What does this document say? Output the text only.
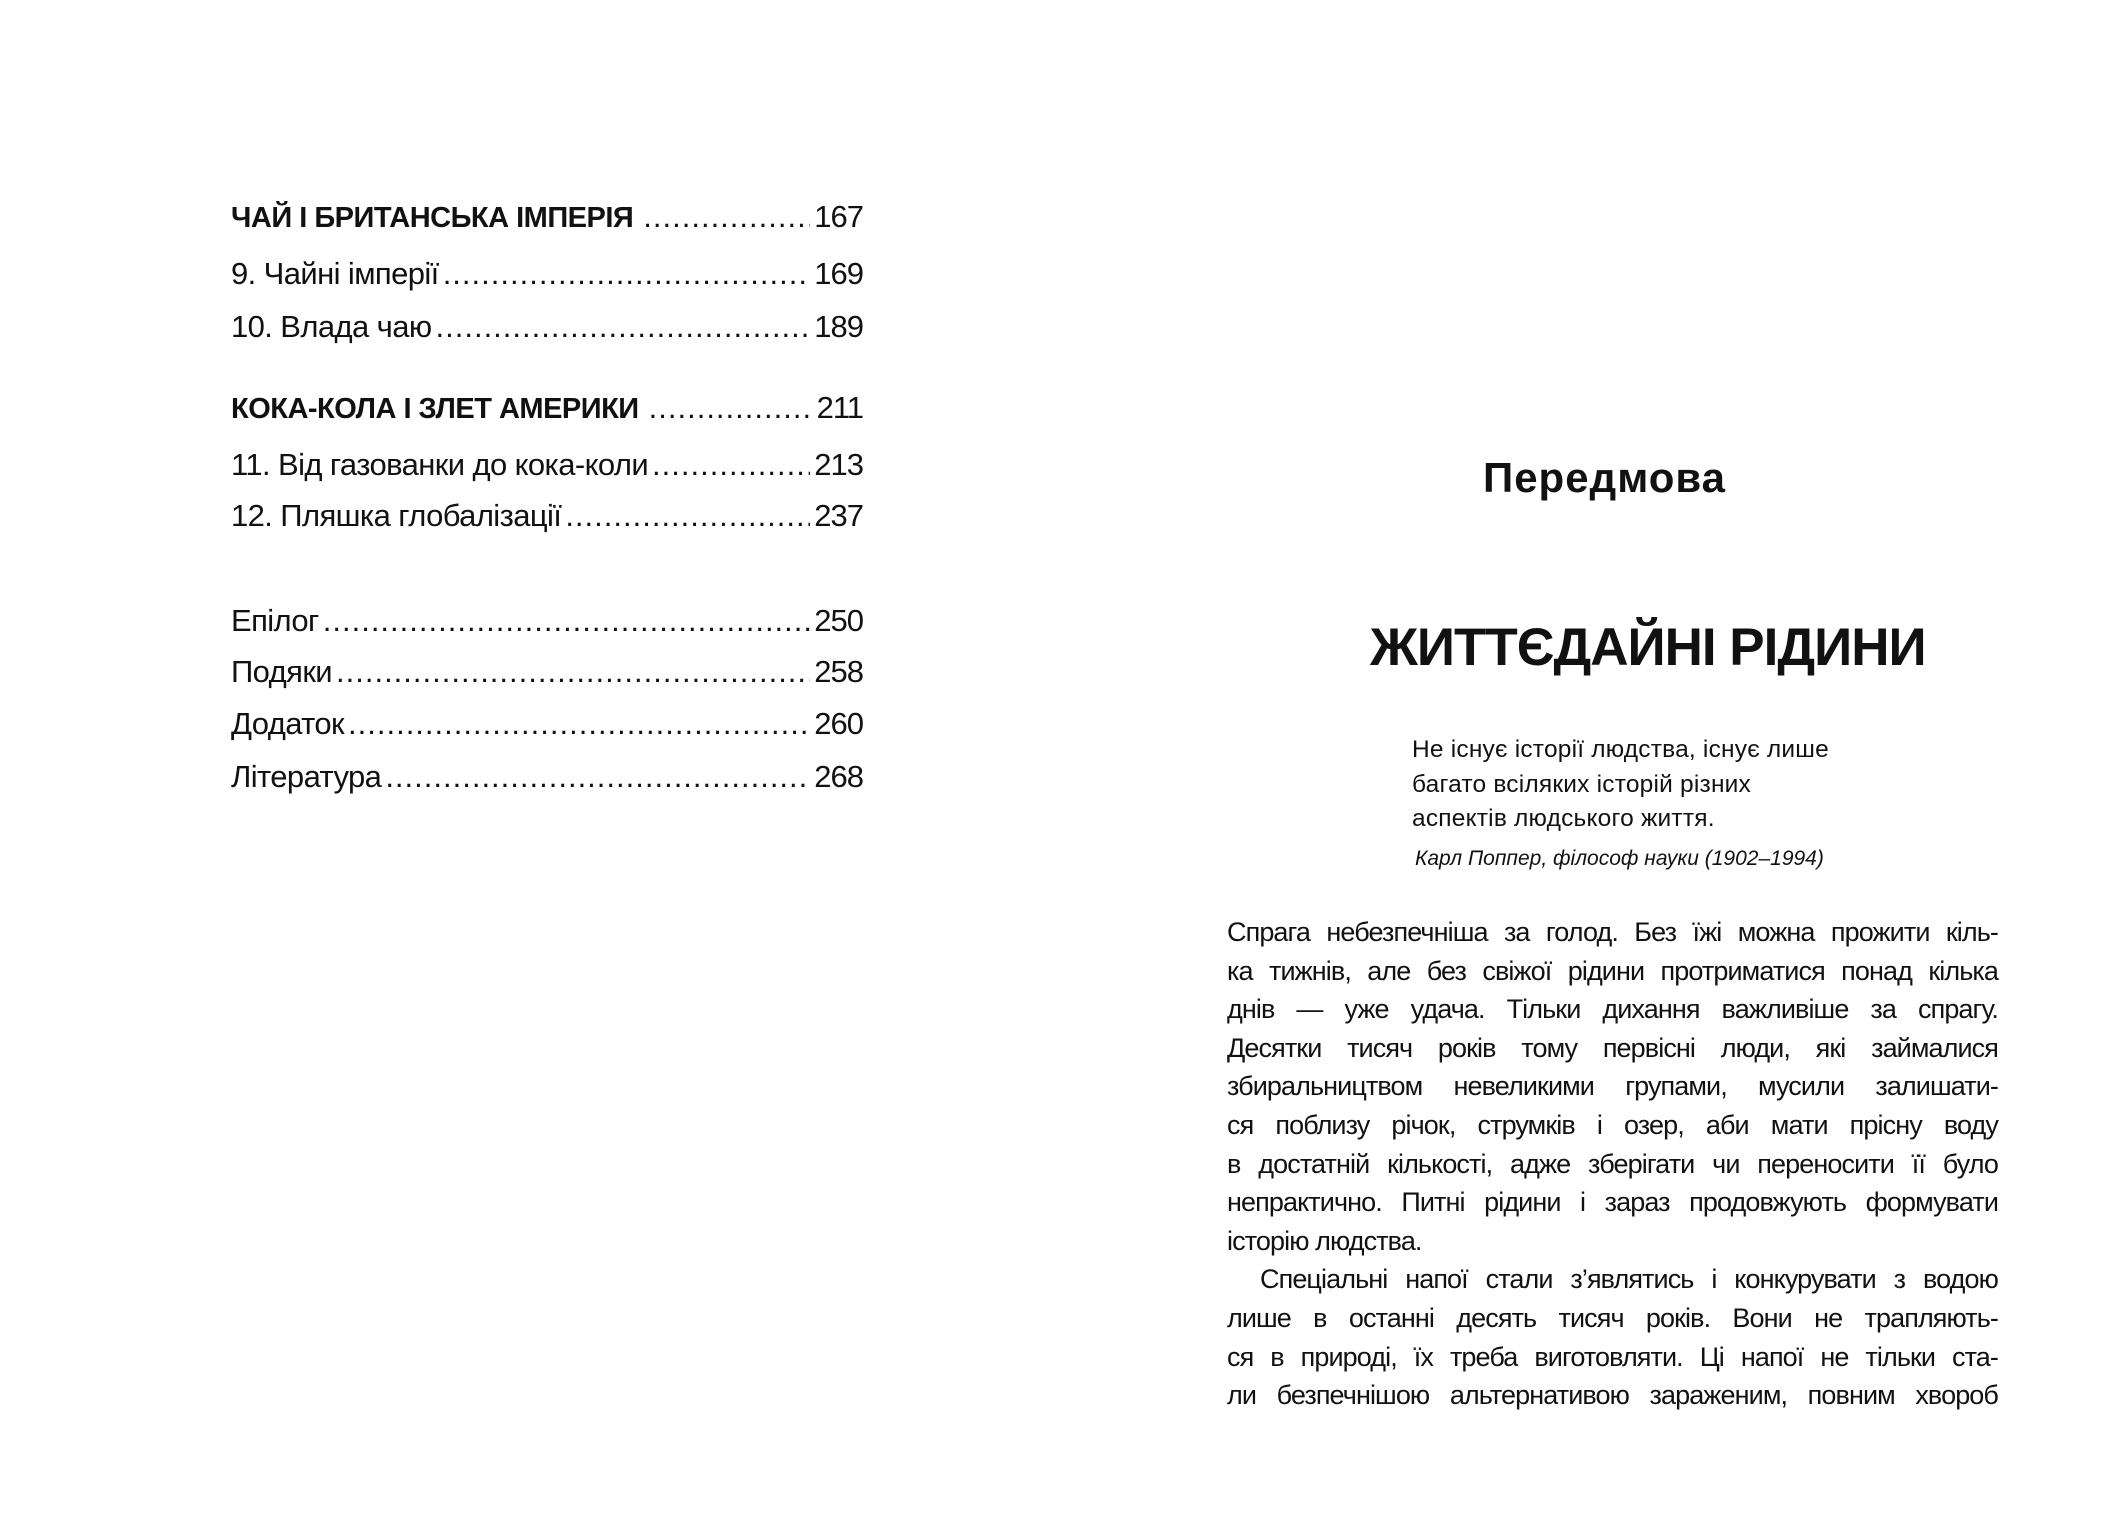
ЧАЙ І БРИТАНСЬКА ІМПЕРІЯ .....	167
9. Чайні імперії .....	169
10. Влада чаю .....	189
КОКА-КОЛА І ЗЛЕТ АМЕРИКИ .....	211
11. Від газованки до кока-коли .....	213
12. Пляшка глобалізації .....	237
Епілог .....	250
Подяки .....	258
Додаток .....	260
Література .....	268
Передмова
ЖИТТЄДАЙНІ РІДИНИ
Не існує історії людства, існує лише
багато всіляких історій різних
аспектів людського життя.
Карл Поппер, філософ науки (1902–1994)
Спрага небезпечніша за голод. Без їжі можна прожити кіль-
ка тижнів, але без свіжої рідини протриматися понад кілька
днів — уже удача. Тільки дихання важливіше за спрагу.
Десятки тисяч років тому первісні люди, які займалися
збиральництвом невеликими групами, мусили залишати-
ся поблизу річок, струмків і озер, аби мати прісну воду
в достатній кількості, адже зберігати чи переносити її було
непрактично. Питні рідини і зараз продовжують формувати
історію людства.
Спеціальні напої стали з’являтись і конкурувати з водою
лише в останні десять тисяч років. Вони не трапляють-
ся в природі, їх треба виготовляти. Ці напої не тільки ста-
ли безпечнішою альтернативою зараженим, повним хвороб
